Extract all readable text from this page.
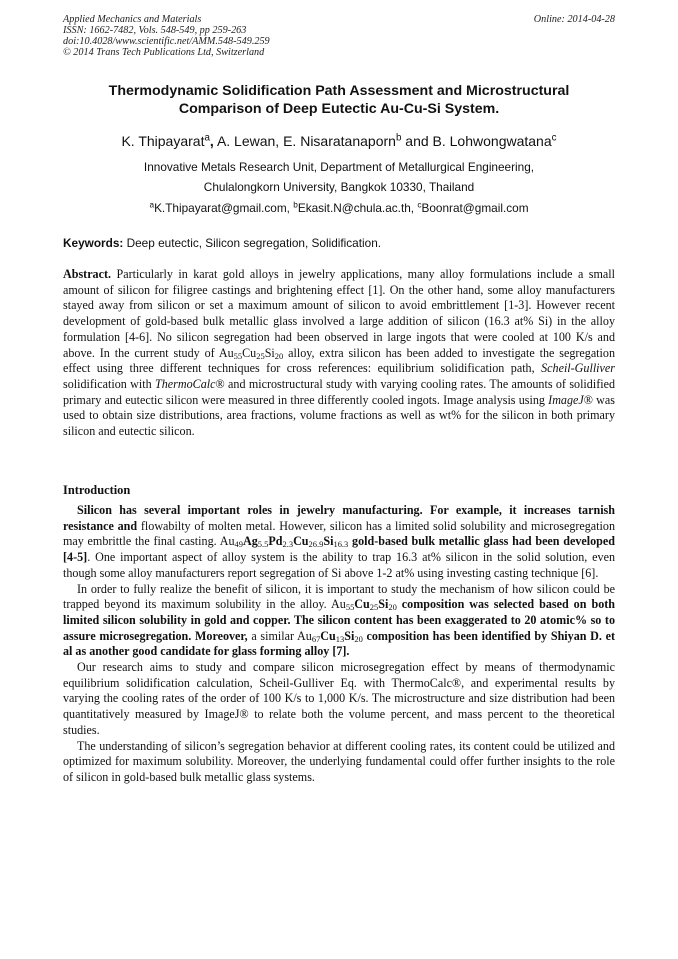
Applied Mechanics and Materials
ISSN: 1662-7482, Vols. 548-549, pp 259-263
doi:10.4028/www.scientific.net/AMM.548-549.259
© 2014 Trans Tech Publications Ltd, Switzerland
Online: 2014-04-28
Thermodynamic Solidification Path Assessment and Microstructural
Comparison of Deep Eutectic Au-Cu-Si System.
K. Thipayarat$^a$, A. Lewan, E. Nisaratanaporn$^b$ and B. Lohwongwatana$^c$
Innovative Metals Research Unit, Department of Metallurgical Engineering,
Chulalongkorn University, Bangkok 10330, Thailand
$^a$K.Thipayarat@gmail.com, $^b$Ekasit.N@chula.ac.th, $^c$Boonrat@gmail.com
Keywords: Deep eutectic, Silicon segregation, Solidification.

Abstract. Particularly in karat gold alloys in jewelry applications, many alloy formulations include a small amount of silicon for filigree castings and brightening effect [1]. On the other hand, some alloy manufacturers stayed away from silicon or set a maximum amount of silicon to avoid embrittlement [1-3]. However recent development of gold-based bulk metallic glass involved a large addition of silicon (16.3 at% Si) in the alloy formulation [4-6]. No silicon segregation had been observed in large ingots that were cooled at 100 K/s and above. In the current study of $Au_{55}Cu_{25}Si_{20}$ alloy, extra silicon has been added to investigate the segregation effect using three different techniques for cross references: equilibrium solidification path, Scheil-Gulliver solidification with ThermoCalc® and microstructural study with varying cooling rates. The amounts of solidified primary and eutectic silicon were measured in three differently cooled ingots. Image analysis using ImageJ® was used to obtain size distributions, area fractions, volume fractions as well as wt% for the silicon in both primary silicon and eutectic silicon.

Introduction

Silicon has several important roles in jewelry manufacturing. For example, it increases tarnish resistance and flowabilty of molten metal. However, silicon has a limited solid solubility and microsegregation may embrittle the final casting. $Au_{49}Ag_{5.5}Pd_{2.3}Cu_{26.9}Si_{16.3}$ gold-based bulk metallic glass had been developed [4-5]. One important aspect of alloy system is the ability to trap 16.3 at% silicon in the solid solution, even though some alloy manufacturers report segregation of Si above 1-2 at% using investing casting technique [6].

In order to fully realize the benefit of silicon, it is important to study the mechanism of how silicon could be trapped beyond its maximum solubility in the alloy. $Au_{55}Cu_{25}Si_{20}$ composition was selected based on both limited silicon solubility in gold and copper. The silicon content has been exaggerated to 20 atomic% so to assure microsegregation. Moreover, a similar $Au_{67}Cu_{13}Si_{20}$ composition has been identified by Shiyan D. et al as another good candidate for glass forming alloy [7].

Our research aims to study and compare silicon microsegregation effect by means of thermodynamic equilibrium solidification calculation, Scheil-Gulliver Eq. with ThermoCalc®, and experimental results by varying the cooling rates of the order of 100 K/s to 1,000 K/s. The microstructure and size distribution had been quantitatively measured by ImageJ® to relate both the volume percent, and mass percent to the theoretical studies.

The understanding of silicon’s segregation behavior at different cooling rates, its content could be utilized and optimized for maximum solubility. Moreover, the underlying fundamental could offer further insights to the role of silicon in gold-based bulk metallic glass systems.
